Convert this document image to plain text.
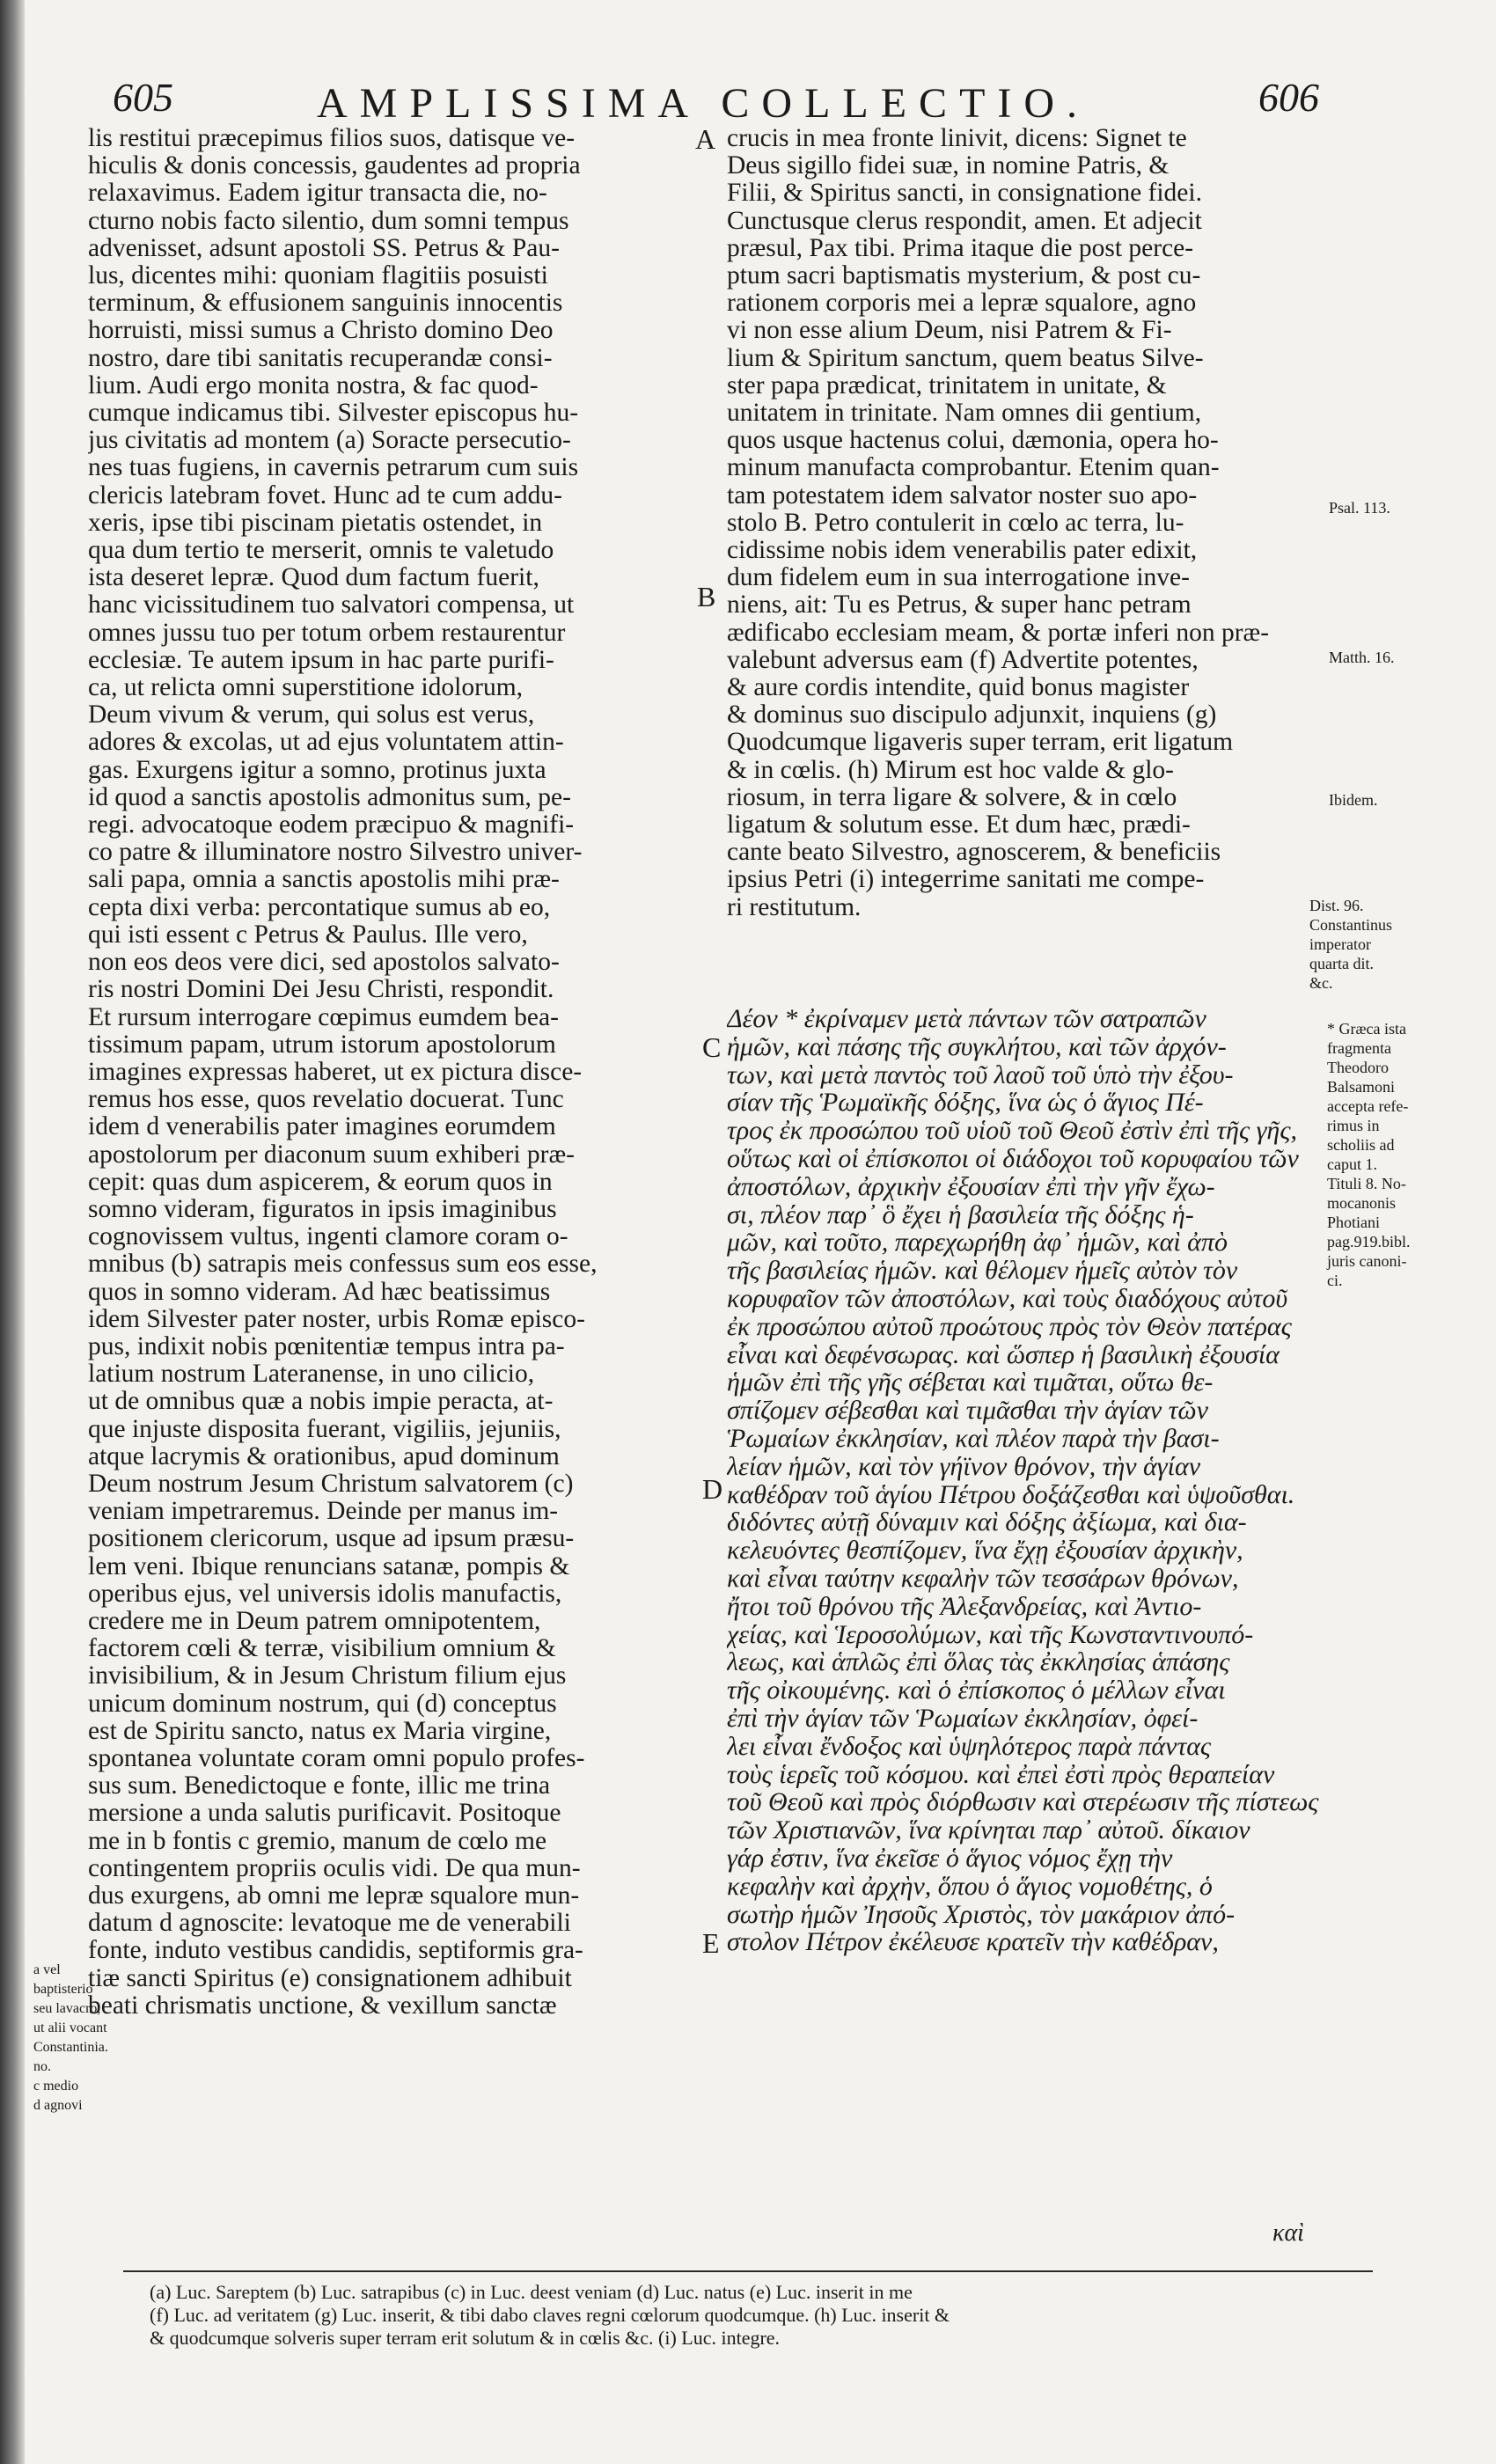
605	AMPLISSIMA COLLECTIO.	606

lis restitui præcepimus filios suos, datisque ve-

hiculis & donis concessis, gaudentes ad propria

relaxavimus. Eadem igitur transacta die, no-

cturno nobis facto silentio, dum somni tempus

advenisset, adsunt apostoli SS. Petrus & Pau-

lus, dicentes mihi: quoniam flagitiis posuisti

terminum, & effusionem sanguinis innocentis

horruisti, missi sumus a Christo domino Deo

nostro, dare tibi sanitatis recuperandæ consi-

lium. Audi ergo monita nostra, & fac quod-

cumque indicamus tibi. Silvester episcopus hu-

jus civitatis ad montem (a) Soracte persecutio-

nes tuas fugiens, in cavernis petrarum cum suis

clericis latebram fovet. Hunc ad te cum addu-

xeris, ipse tibi piscinam pietatis ostendet, in

qua dum tertio te merserit, omnis te valetudo

ista deseret lepræ. Quod dum factum fuerit,

hanc vicissitudinem tuo salvatori compensa, ut

omnes jussu tuo per totum orbem restaurentur

ecclesiæ. Te autem ipsum in hac parte purifi-

ca, ut relicta omni superstitione idolorum,

Deum vivum & verum, qui solus est verus,

adores & excolas, ut ad ejus voluntatem attin-

gas. Exurgens igitur a somno, protinus juxta

id quod a sanctis apostolis admonitus sum, pe-

regi. advocatoque eodem præcipuo & magnifi-

co patre & illuminatore nostro Silvestro univer-

sali papa, omnia a sanctis apostolis mihi præ-

cepta dixi verba: percontatique sumus ab eo,

qui isti essent c Petrus & Paulus. Ille vero,

non eos deos vere dici, sed apostolos salvato-

ris nostri Domini Dei Jesu Christi, respondit.

Et rursum interrogare cœpimus eumdem bea-

tissimum papam, utrum istorum apostolorum

imagines expressas haberet, ut ex pictura disce-

remus hos esse, quos revelatio docuerat. Tunc

idem d venerabilis pater imagines eorumdem

apostolorum per diaconum suum exhiberi præ-

cepit: quas dum aspicerem, & eorum quos in

somno videram, figuratos in ipsis imaginibus

cognovissem vultus, ingenti clamore coram o-

mnibus (b) satrapis meis confessus sum eos esse,

quos in somno videram. Ad hæc beatissimus

idem Silvester pater noster, urbis Romæ episco-

pus, indixit nobis pœnitentiæ tempus intra pa-

latium nostrum Lateranense, in uno cilicio,

ut de omnibus quæ a nobis impie peracta, at-

que injuste disposita fuerant, vigiliis, jejuniis,

atque lacrymis & orationibus, apud dominum

Deum nostrum Jesum Christum salvatorem (c)

veniam impetraremus. Deinde per manus im-

positionem clericorum, usque ad ipsum præsu-

lem veni. Ibique renuncians satanæ, pompis &

operibus ejus, vel universis idolis manufactis,

credere me in Deum patrem omnipotentem,

factorem cœli & terræ, visibilium omnium &

invisibilium, & in Jesum Christum filium ejus

unicum dominum nostrum, qui (d) conceptus

est de Spiritu sancto, natus ex Maria virgine,

spontanea voluntate coram omni populo profes-

sus sum. Benedictoque e fonte, illic me trina

mersione a unda salutis purificavit. Positoque

me in b fontis c gremio, manum de cœlo me

contingentem propriis oculis vidi. De qua mun-

dus exurgens, ab omni me lepræ squalore mun-

datum d agnoscite: levatoque me de venerabili

fonte, induto vestibus candidis, septiformis gra-

tiæ sancti Spiritus (e) consignationem adhibuit

beati chrismatis unctione, & vexillum sanctæ

crucis in mea fronte linivit, dicens: Signet te

Deus sigillo fidei suæ, in nomine Patris, &

Filii, & Spiritus sancti, in consignatione fidei.

Cunctusque clerus respondit, amen. Et adjecit

præsul, Pax tibi. Prima itaque die post perce-

ptum sacri baptismatis mysterium, & post cu-

rationem corporis mei a lepræ squalore, agno

vi non esse alium Deum, nisi Patrem & Fi-

lium & Spiritum sanctum, quem beatus Silve-

ster papa prædicat, trinitatem in unitate, &

unitatem in trinitate. Nam omnes dii gentium,

quos usque hactenus colui, dæmonia, opera ho-

minum manufacta comprobantur. Etenim quan-

tam potestatem idem salvator noster suo apo-

stolo B. Petro contulerit in cœlo ac terra, lu-

cidissime nobis idem venerabilis pater edixit,

dum fidelem eum in sua interrogatione inve-

niens, ait: Tu es Petrus, & super hanc petram

ædificabo ecclesiam meam, & portæ inferi non præ-

valebunt adversus eam (f) Advertite potentes,

& aure cordis intendite, quid bonus magister

& dominus suo discipulo adjunxit, inquiens (g)

Quodcumque ligaveris super terram, erit ligatum

& in cœlis. (h) Mirum est hoc valde & glo-

riosum, in terra ligare & solvere, & in cœlo

ligatum & solutum esse. Et dum hæc, prædi-

cante beato Silvestro, agnoscerem, & beneficiis

ipsius Petri (i) integerrime sanitati me compe-

ri restitutum.

Δέον * ἐκρίναμεν μετὰ πάντων τῶν σατραπῶν

ἡμῶν, καὶ πάσης τῆς συγκλήτου, καὶ τῶν ἀρχόν-

των, καὶ μετὰ παντὸς τοῦ λαοῦ τοῦ ὑπὸ τὴν ἐξου-

σίαν τῆς Ῥωμαϊκῆς δόξης, ἵνα ὡς ὁ ἅγιος Πέ-

τρος ἐκ προσώπου τοῦ υἱοῦ τοῦ Θεοῦ ἐστὶν ἐπὶ τῆς γῆς,

οὕτως καὶ οἱ ἐπίσκοποι οἱ διάδοχοι τοῦ κορυφαίου τῶν

ἀποστόλων, ἀρχικὴν ἐξουσίαν ἐπὶ τὴν γῆν ἔχω-

σι, πλέον παρ᾽ ὃ ἔχει ἡ βασιλεία τῆς δόξης ἡ-

μῶν, καὶ τοῦτο, παρεχωρήθη ἀφ᾽ ἡμῶν, καὶ ἀπὸ

τῆς βασιλείας ἡμῶν. καὶ θέλομεν ἡμεῖς αὐτὸν τὸν

κορυφαῖον τῶν ἀποστόλων, καὶ τοὺς διαδόχους αὐτοῦ

ἐκ προσώπου αὐτοῦ προώτους πρὸς τὸν Θεὸν πατέρας

εἶναι καὶ δεφένσωρας. καὶ ὥσπερ ἡ βασιλικὴ ἐξουσία

ἡμῶν ἐπὶ τῆς γῆς σέβεται καὶ τιμᾶται, οὕτω θε-

σπίζομεν σέβεσθαι καὶ τιμᾶσθαι τὴν ἁγίαν τῶν

Ῥωμαίων ἐκκλησίαν, καὶ πλέον παρὰ τὴν βασι-

λείαν ἡμῶν, καὶ τὸν γήϊνον θρόνον, τὴν ἁγίαν

καθέδραν τοῦ ἁγίου Πέτρου δοξάζεσθαι καὶ ὑψοῦσθαι.

διδόντες αὐτῇ δύναμιν καὶ δόξης ἀξίωμα, καὶ δια-

κελευόντες θεσπίζομεν, ἵνα ἔχῃ ἐξουσίαν ἀρχικὴν,

καὶ εἶναι ταύτην κεφαλὴν τῶν τεσσάρων θρόνων,

ἤτοι τοῦ θρόνου τῆς Ἀλεξανδρείας, καὶ Ἀντιο-

χείας, καὶ Ἱεροσολύμων, καὶ τῆς Κωνσταντινουπό-

λεως, καὶ ἁπλῶς ἐπὶ ὅλας τὰς ἐκκλησίας ἁπάσης

τῆς οἰκουμένης. καὶ ὁ ἐπίσκοπος ὁ μέλλων εἶναι

ἐπὶ τὴν ἁγίαν τῶν Ῥωμαίων ἐκκλησίαν, ὀφεί-

λει εἶναι ἔνδοξος καὶ ὑψηλότερος παρὰ πάντας

τοὺς ἱερεῖς τοῦ κόσμου. καὶ ἐπεὶ ἐστὶ πρὸς θεραπείαν

τοῦ Θεοῦ καὶ πρὸς διόρθωσιν καὶ στερέωσιν τῆς πίστεως

τῶν Χριστιανῶν, ἵνα κρίνηται παρ᾽ αὐτοῦ. δίκαιον

γάρ ἐστιν, ἵνα ἐκεῖσε ὁ ἅγιος νόμος ἔχῃ τὴν

κεφαλὴν καὶ ἀρχὴν, ὅπου ὁ ἅγιος νομοθέτης, ὁ

σωτὴρ ἡμῶν Ἰησοῦς Χριστὸς, τὸν μακάριον ἀπό-

στολον Πέτρον ἐκέλευσε κρατεῖν τὴν καθέδραν,

A
B
C
D
E
Psal. 113.
Matth. 16.
Ibidem.
Dist. 96.
Constantinus
imperator
quarta dit.
&c.
* Græca ista
fragmenta
Theodoro
Balsamoni
accepta refe-
rimus in
scholiis ad
caput 1.
Tituli 8. No-
mocanonis
Photiani
pag.919.bibl.
juris canoni-
ci.
a vel
baptisterio
seu lavacro,
ut alii vocant
Constantinia.
no.
c medio
d agnovi
καὶ

(a) Luc. Sareptem (b) Luc. satrapibus (c) in Luc. deest veniam (d) Luc. natus (e) Luc. inserit in me

(f) Luc. ad veritatem (g) Luc. inserit, & tibi dabo claves regni cœlorum quodcumque. (h) Luc. inserit &

& quodcumque solveris super terram erit solutum & in cœlis &c. (i) Luc. integre.
